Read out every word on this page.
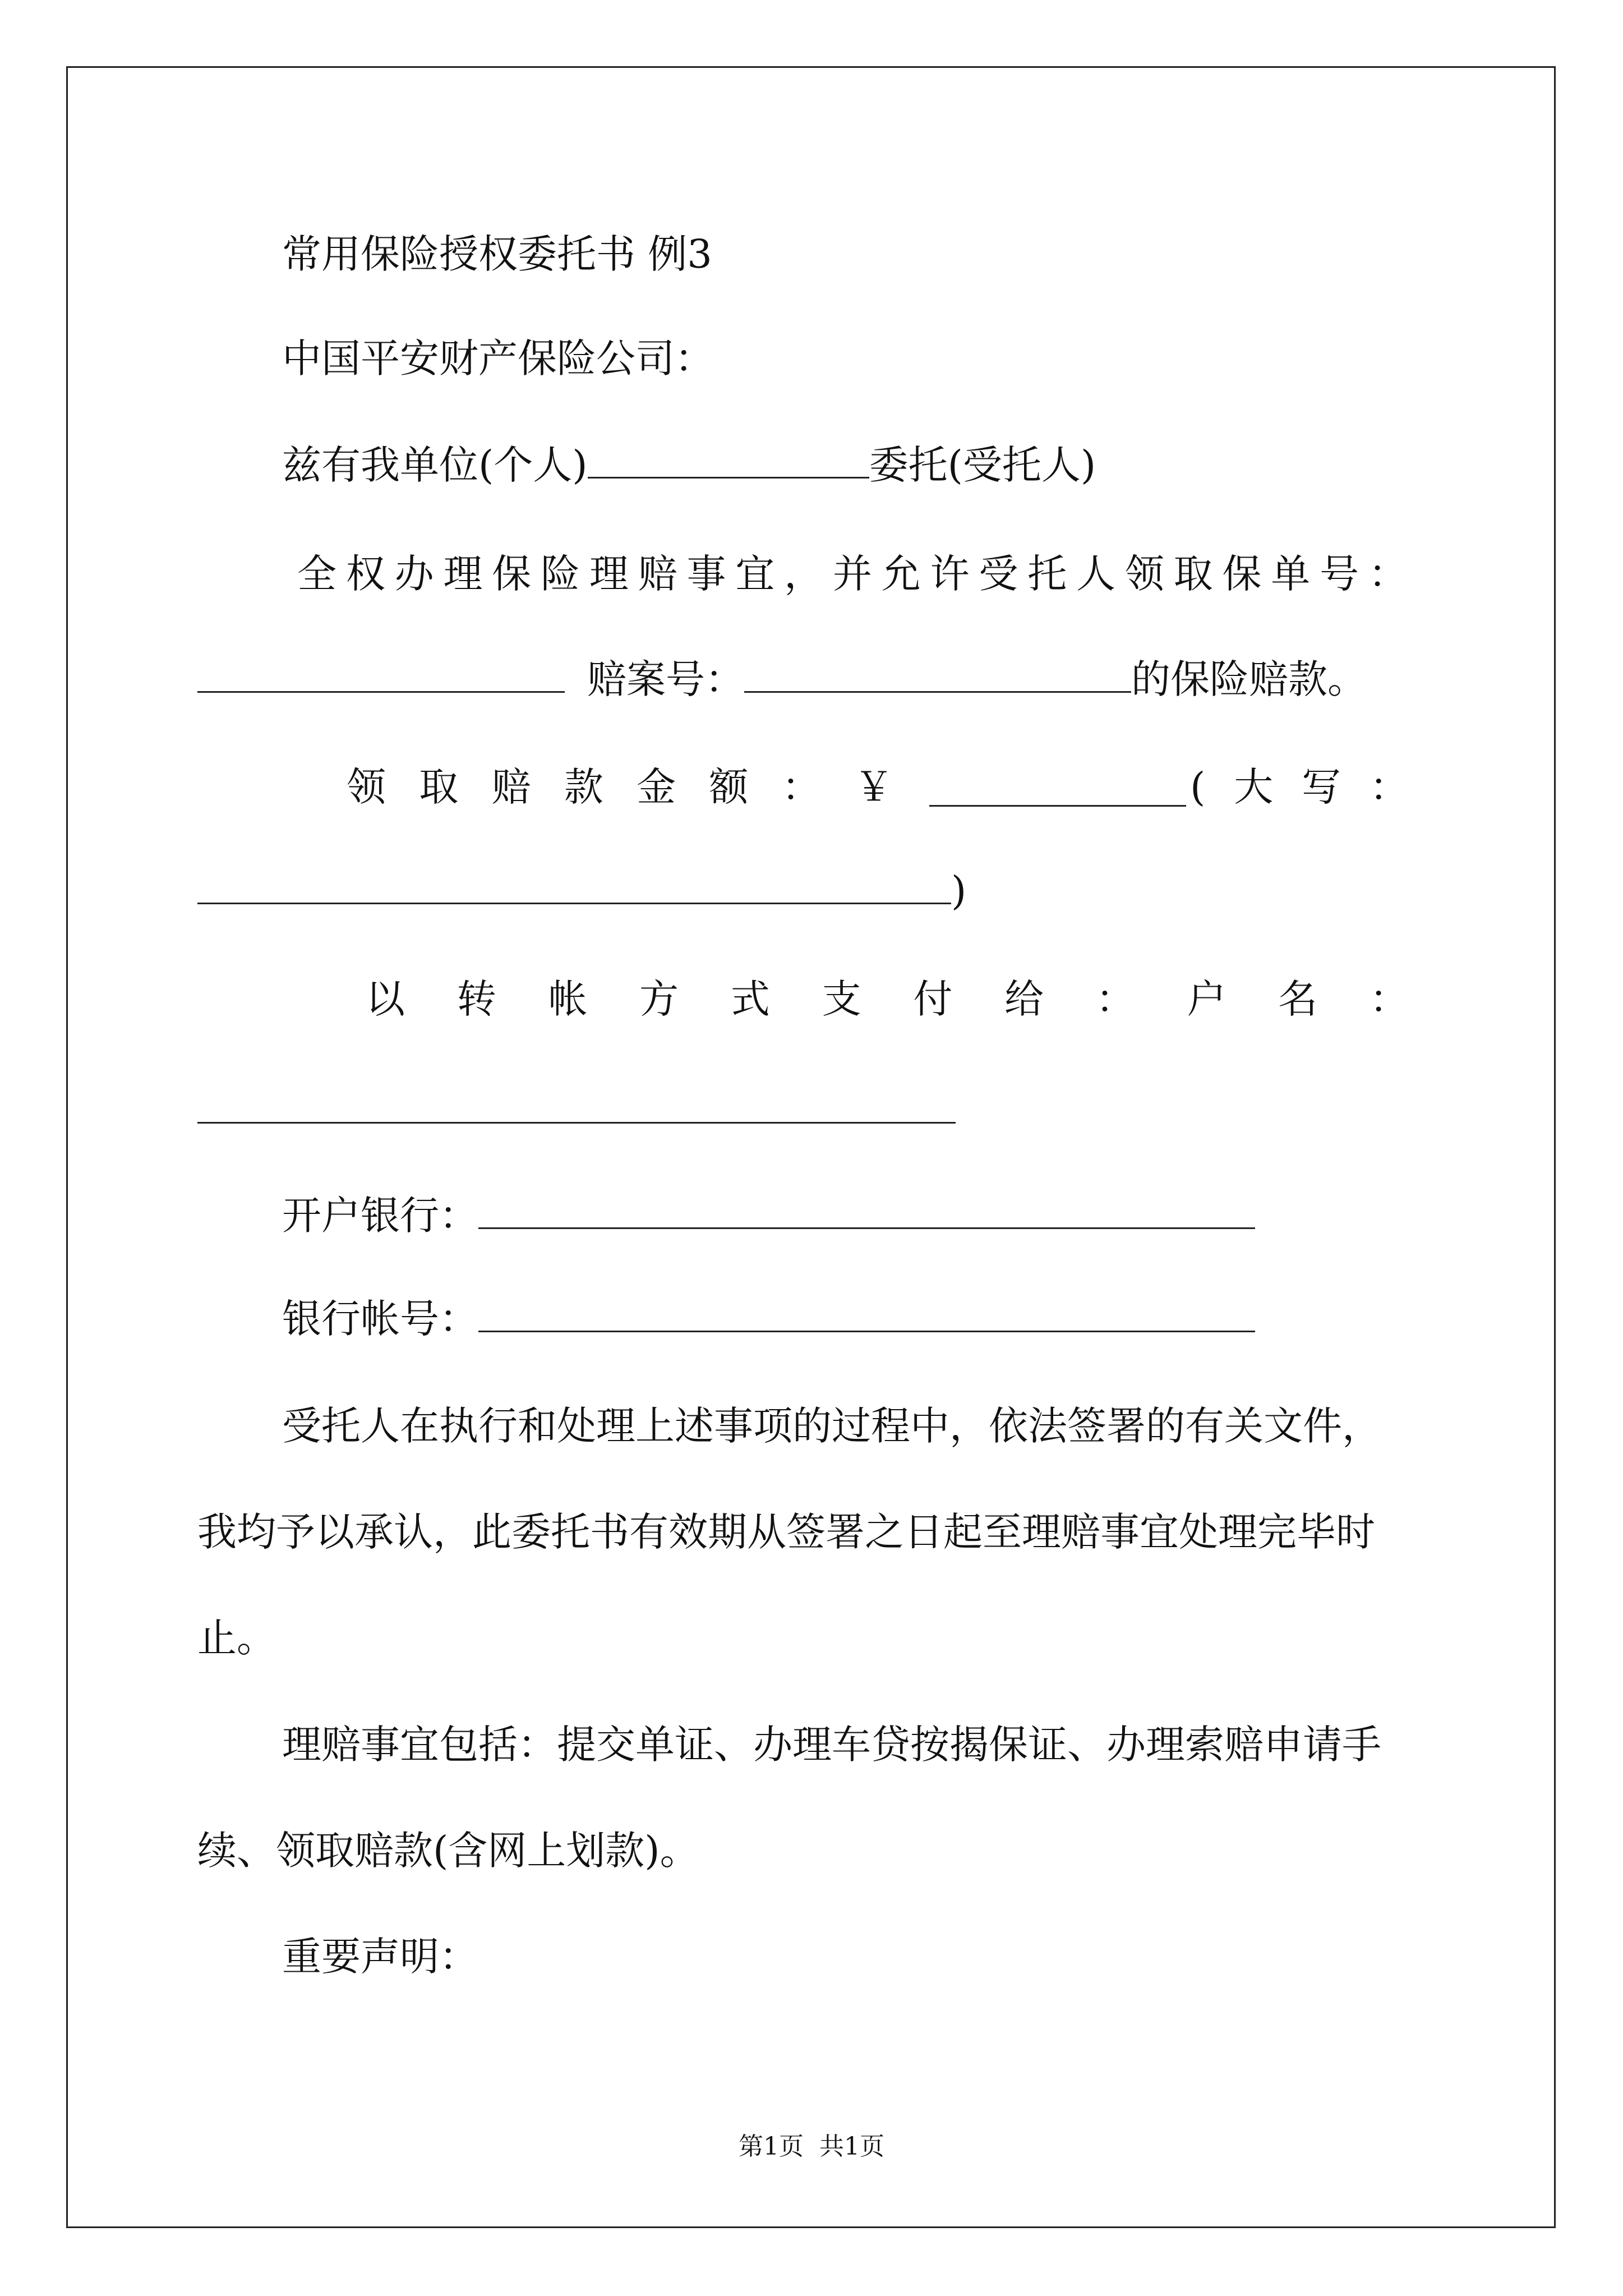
常用保险授权委托书 例3
中国平安财产保险公司：
兹有我单位(个人)	委托(受托人)
全 权 办 理 保 险 理 赔 事 宜 ， 并 允 许 受 托 人 领 取 保 单 号 ：
赔案号：	的保险赔款。
领 取 赔 款 金 额 ： ￥	( 大 写 ：
)
以 转 帐 方 式 支 付 给 ： 户 名 ：
开户银行：
银行帐号：
受托人在执行和处理上述事项的过程中，依法签署的有关文件，
我均予以承认，此委托书有效期从签署之日起至理赔事宜处理完毕时
止。
理赔事宜包括：提交单证、办理车贷按揭保证、办理索赔申请手
续、领取赔款(含网上划款)。
重要声明：
第1页 共1页
